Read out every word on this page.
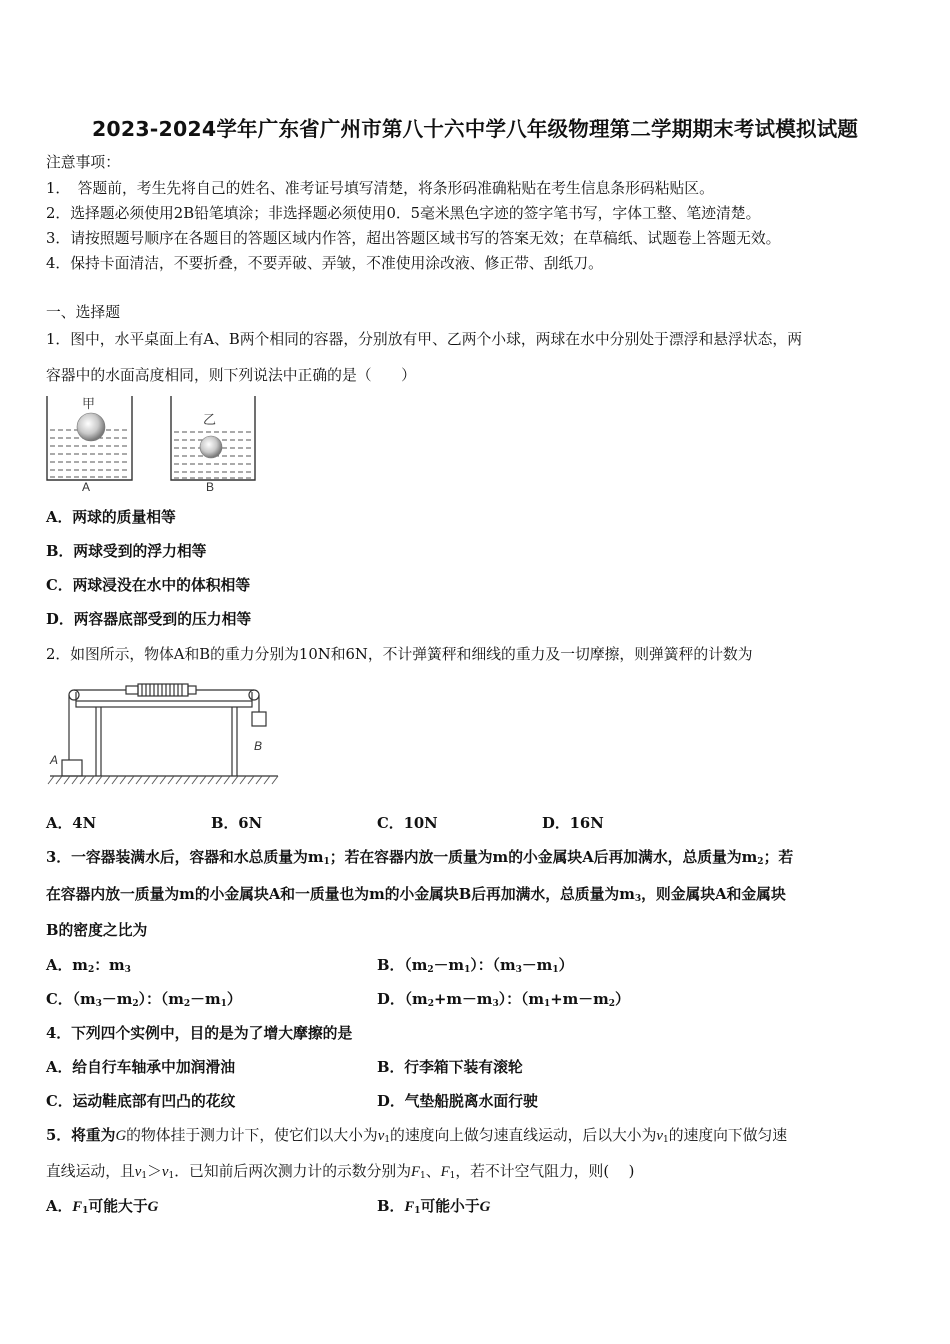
2023-2024学年广东省广州市第八十六中学八年级物理第二学期期末考试模拟试题
注意事项：
1．　答题前，考生先将自己的姓名、准考证号填写清楚，将条形码准确粘贴在考生信息条形码粘贴区。
2．选择题必须使用2B铅笔填涂；非选择题必须使用0．5毫米黑色字迹的签字笔书写，字体工整、笔迹清楚。
3．请按照题号顺序在各题目的答题区域内作答，超出答题区域书写的答案无效；在草稿纸、试题卷上答题无效。
4．保持卡面清洁，不要折叠，不要弄破、弄皱，不准使用涂改液、修正带、刮纸刀。
一、选择题
1．图中，水平桌面上有A、B两个相同的容器，分别放有甲、乙两个小球，两球在水中分别处于漂浮和悬浮状态，两
容器中的水面高度相同，则下列说法中正确的是（　　）
甲
A
乙
B
A．两球的质量相等
B．两球受到的浮力相等
C．两球浸没在水中的体积相等
D．两容器底部受到的压力相等
2．如图所示，物体A和B的重力分别为10N和6N，不计弹簧秤和细线的重力及一切摩擦，则弹簧秤的计数为
A
B
A．4N	B．6N	C．10N	D．16N
3．一容器装满水后，容器和水总质量为$m_1$；若在容器内放一质量为m的小金属块A后再加满水，总质量为$m_2$；若
在容器内放一质量为m的小金属块A和一质量也为m的小金属块B后再加满水，总质量为$m_3$，则金属块A和金属块
B的密度之比为
A．$m_2$：$m_3$	B．$(m_2-m_1)$：$(m_3-m_1)$
C．$(m_3-m_2)$：$(m_2-m_1)$	D．$(m_2+m-m_3)$：$(m_1+m-m_2)$
4．下列四个实例中，目的是为了增大摩擦的是
A．给自行车轴承中加润滑油	B．行李箱下装有滚轮
C．运动鞋底部有凹凸的花纹	D．气垫船脱离水面行驶
5．将重为G的物体挂于测力计下，使它们以大小为$v_1$的速度向上做匀速直线运动，后以大小为$v_1$的速度向下做匀速
直线运动，且$v_1>v_1$．已知前后两次测力计的示数分别为$F_1$、$F_1$，若不计空气阻力，则(　 )
A．$F_1$可能大于G	B．$F_1$可能小于G
